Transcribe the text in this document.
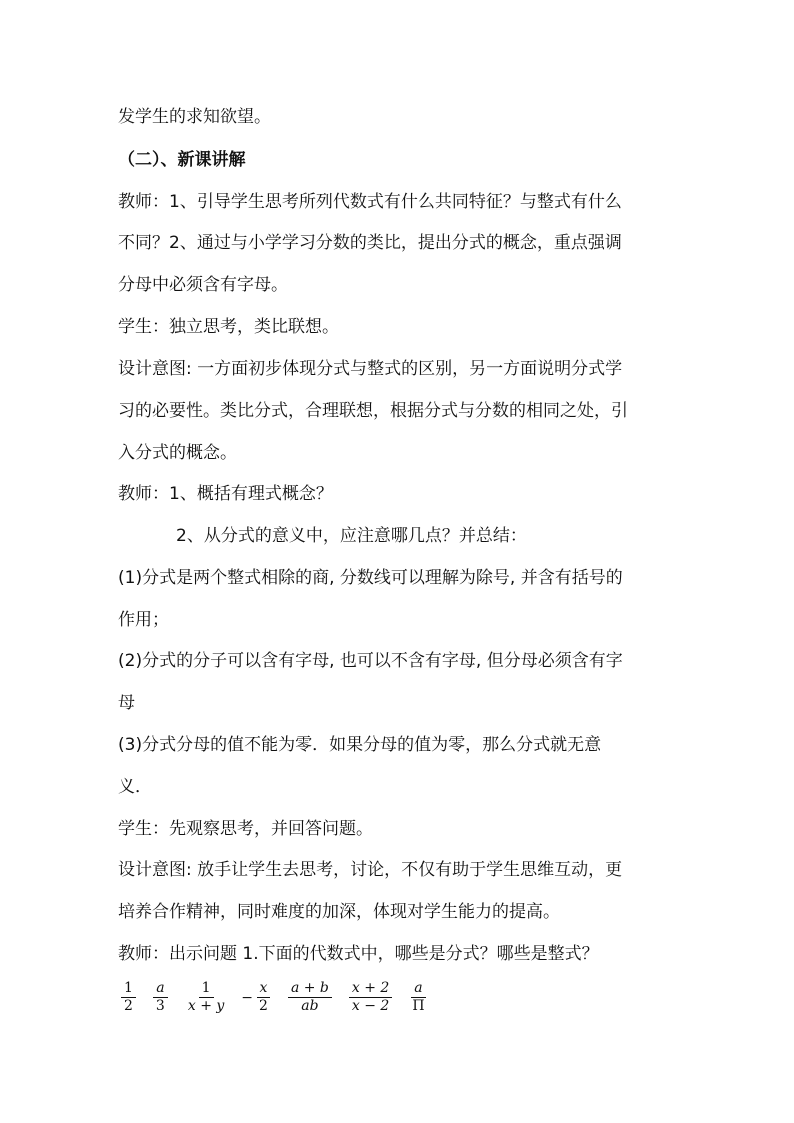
发学生的求知欲望。
（二）、新课讲解
教师：1、引导学生思考所列代数式有什么共同特征？与整式有什么
不同？2、通过与小学学习分数的类比，提出分式的概念，重点强调
分母中必须含有字母。
学生：独立思考，类比联想。
设计意图: 一方面初步体现分式与整式的区别，另一方面说明分式学
习的必要性。类比分式，合理联想，根据分式与分数的相同之处，引
入分式的概念。
教师：1、概括有理式概念？
2、从分式的意义中，应注意哪几点？并总结：
(1)分式是两个整式相除的商, 分数线可以理解为除号, 并含有括号的
作用；
(2)分式的分子可以含有字母, 也可以不含有字母, 但分母必须含有字
母
(3)分式分母的值不能为零．如果分母的值为零，那么分式就无意
义．
学生：先观察思考，并回答问题。
设计意图: 放手让学生去思考，讨论，不仅有助于学生思维互动，更
培养合作精神，同时难度的加深，体现对学生能力的提高。
教师：出示问题 1.下面的代数式中，哪些是分式？哪些是整式？
$\frac{1}{2} \frac{a}{3} \frac{1}{x + y} - \frac{x}{2} \frac{a + b}{ab} \frac{x + 2}{x - 2} \frac{a}{\Pi}$
